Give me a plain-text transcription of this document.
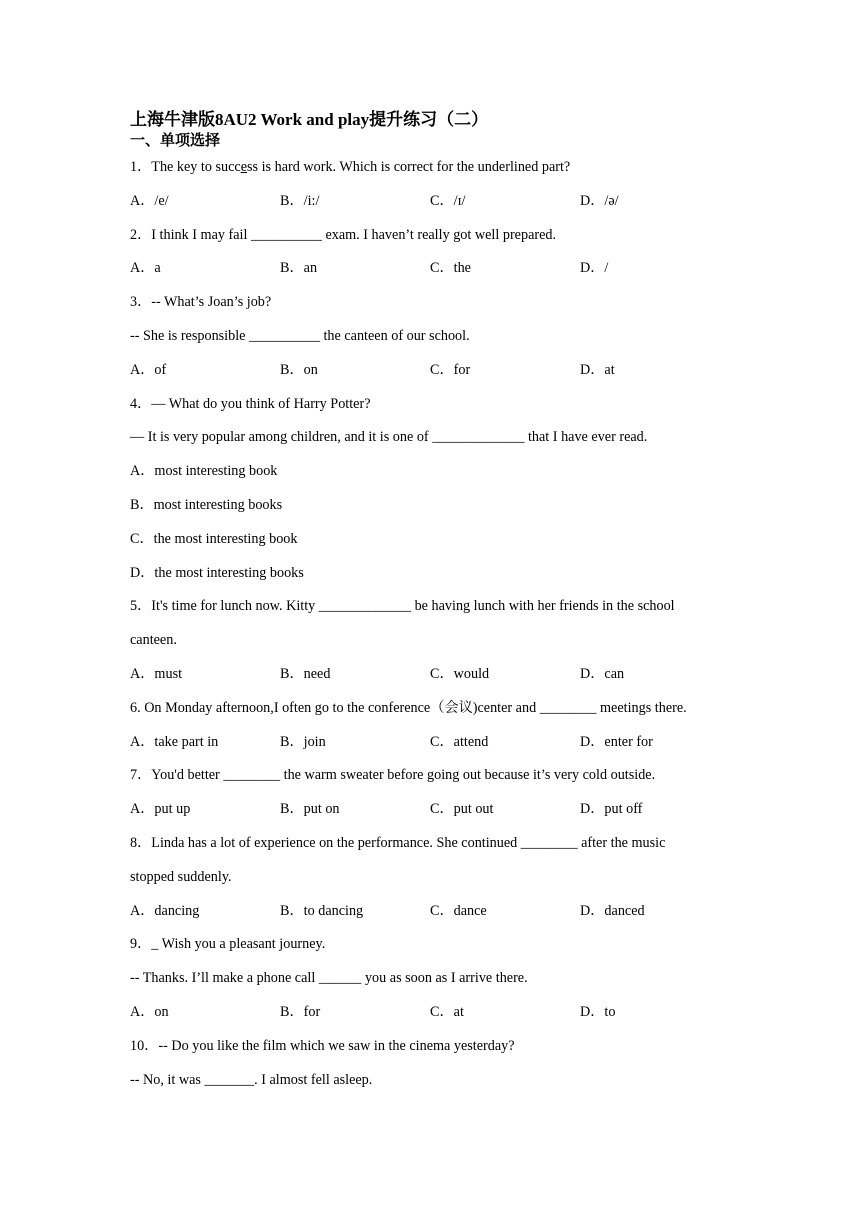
上海牛津版8AU2 Work and play提升练习（二）
一、单项选择
1．The key to success is hard work. Which is correct for the underlined part?
A．/e/	B．/i:/	C．/ɪ/	D．/ə/
2．I think I may fail __________ exam. I haven’t really got well prepared.
A．a	B．an	C．the	D．/
3．-- What’s Joan’s job?
-- She is responsible __________ the canteen of our school.
A．of	B．on	C．for	D．at
4．— What do you think of Harry Potter?
— It is very popular among children, and it is one of _____________ that I have ever read.
A．most interesting book
B．most interesting books
C．the most interesting book
D．the most interesting books
5．It's time for lunch now. Kitty _____________ be having lunch with her friends in the school
canteen.
A．must	B．need	C．would	D．can
6. On Monday afternoon,I often go to the conference（会议)center and ________ meetings there.
A．take part in	B．join	C．attend	D．enter for
7．You'd better ________ the warm sweater before going out because it’s very cold outside.
A．put up	B．put on	C．put out	D．put off
8．Linda has a lot of experience on the performance. She continued ________ after the music
stopped suddenly.
A．dancing	B．to dancing	C．dance	D．danced
9．_ Wish you a pleasant journey.
-- Thanks. I’ll make a phone call ______ you as soon as I arrive there.
A．on	B．for	C．at	D．to
10．-- Do you like the film which we saw in the cinema yesterday?
-- No, it was _______. I almost fell asleep.
